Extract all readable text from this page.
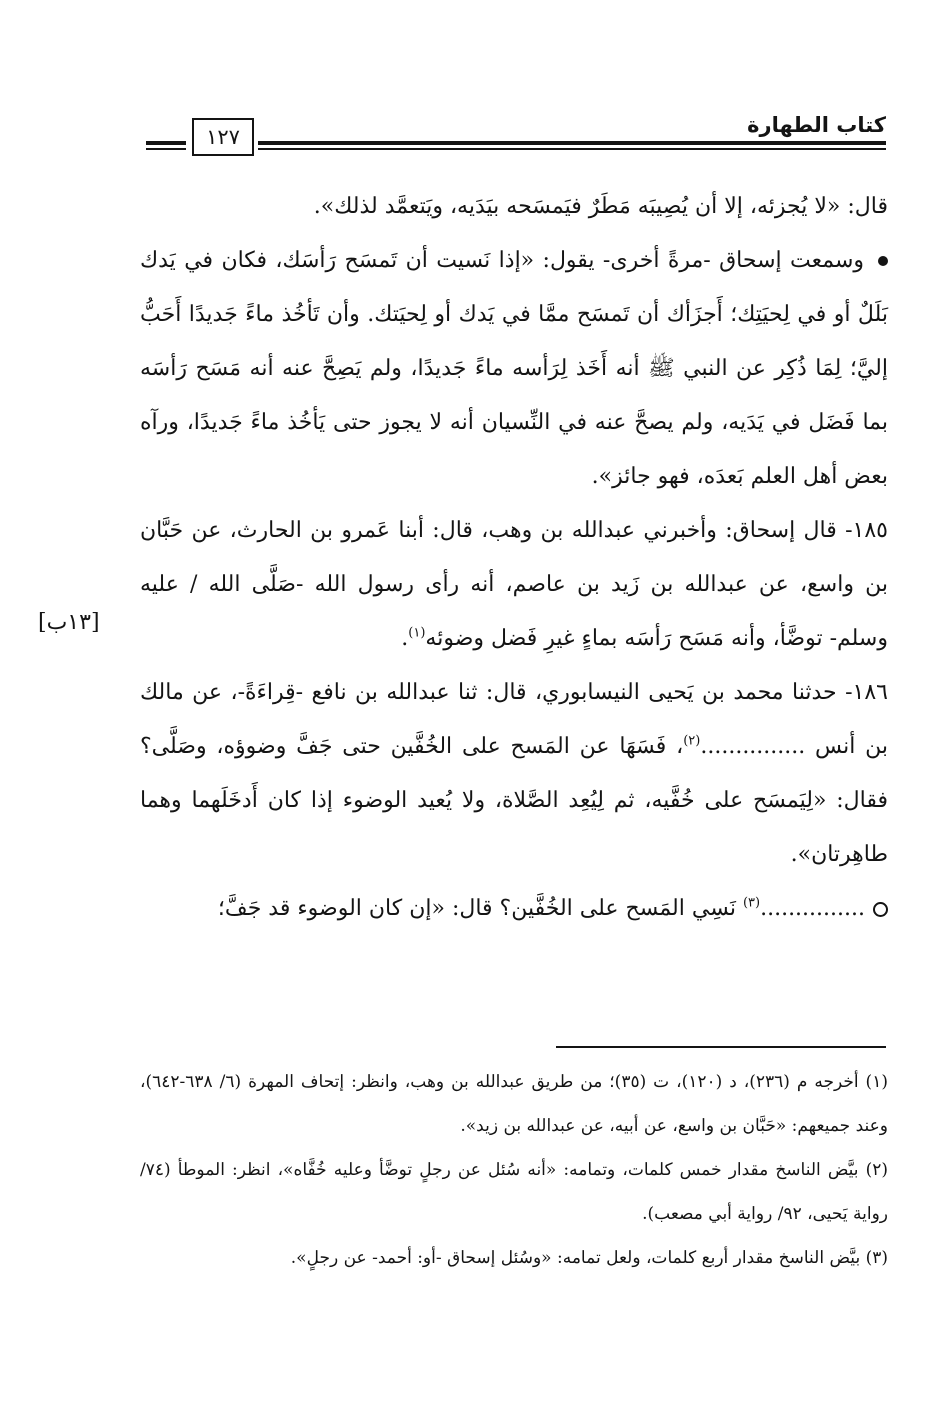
كتاب الطهارة
١٢٧

قال: «لا يُجزئه، إلا أن يُصِيبَه مَطَرٌ فيَمسَحه بيَدَيه، ويَتعمَّد لذلك».

وسمعت إسحاق -مرةً أخرى- يقول: «إذا نَسيت أن تَمسَح رَأسَك، فكان في يَدك بَلَلٌ أو في لِحيَتِك؛ أَجزَأك أن تَمسَح ممَّا في يَدك أو لِحيَتك. وأن تَأخُذ ماءً جَديدًا أَحَبُّ إليَّ؛ لِمَا ذُكِر عن النبي ﷺ أنه أَخَذ لِرَأسه ماءً جَديدًا، ولم يَصِحَّ عنه أنه مَسَح رَأسَه بما فَضَل في يَدَيه، ولم يصحَّ عنه في النِّسيان أنه لا يجوز حتى يَأخُذ ماءً جَديدًا، ورآه بعض أهل العلم بَعدَه، فهو جائز».

١٨٥- قال إسحاق: وأخبرني عبدالله بن وهب، قال: أبنا عَمرو بن الحارث، عن حَبَّان بن واسع، عن عبدالله بن زَيد بن عاصم، أنه رأى رسول الله -صَلَّى الله / عليه وسلم- توضَّأ، وأنه مَسَح رَأسَه بماءٍ غيرِ فَضل وضوئه$^{(١)}$.

١٨٦- حدثنا محمد بن يَحيى النيسابوري، قال: ثنا عبدالله بن نافع -قِراءَةً-، عن مالك بن أنس ...............$^{(٢)}$، فَسَهَا عن المَسح على الخُفَّين حتى جَفَّ وضوؤه، وصَلَّى؟ فقال: «لِيَمسَح على خُفَّيه، ثم لِيُعِد الصَّلاة، ولا يُعيد الوضوء إذا كان أَدخَلَهما وهما طاهِرتان».

...............$^{(٣)}$ نَسِي المَسح على الخُفَّين؟ قال: «إن كان الوضوء قد جَفَّ؛

[١٣ب]

(١) أخرجه م (٢٣٦)، د (١٢٠)، ت (٣٥)؛ من طريق عبدالله بن وهب، وانظر: إتحاف المهرة (٦/ ٦٣٨-٦٤٢)، وعند جميعهم: «حَبَّان بن واسع، عن أبيه، عن عبدالله بن زيد».

(٢) بيَّض الناسخ مقدار خمس كلمات، وتمامه: «أنه سُئل عن رجلٍ توضَّأ وعليه خُفَّاه»، انظر: الموطأ (٧٤/ رواية يَحيى، ٩٢/ رواية أبي مصعب).

(٣) بيَّض الناسخ مقدار أربع كلمات، ولعل تمامه: «وسُئل إسحاق -أو: أحمد- عن رجلٍ».
